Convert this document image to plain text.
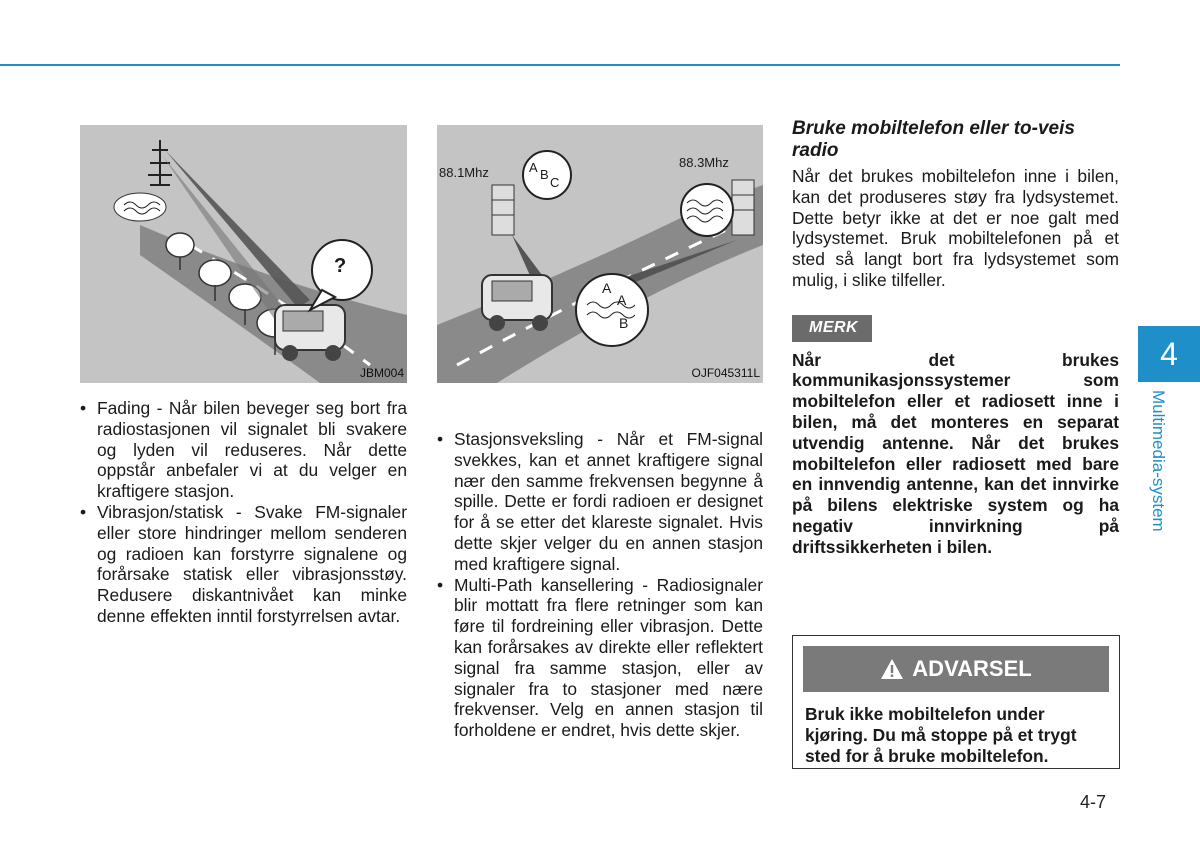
?
JBM004
88.1Mhz
88.3Mhz
A B
C
A
A
B
OJF045311L
• Fading - Når bilen beveger seg bort fra radiostasjonen vil signalet bli svakere og lyden vil reduseres. Når dette oppstår anbefaler vi at du velger en kraftigere stasjon.
• Vibrasjon/statisk - Svake FM-signaler eller store hindringer mellom senderen og radioen kan forstyrre signalene og forårsake statisk eller vibrasjonsstøy. Redusere diskantnivået kan minke denne effekten inntil forstyrrelsen avtar.
• Stasjonsveksling - Når et FM-signal svekkes, kan et annet kraftigere signal nær den samme frekvensen begynne å spille. Dette er fordi radioen er designet for å se etter det klareste signalet. Hvis dette skjer velger du en annen stasjon med kraftigere signal.
• Multi-Path kansellering - Radiosignaler blir mottatt fra flere retninger som kan føre til fordreining eller vibrasjon. Dette kan forårsakes av direkte eller reflektert signal fra samme stasjon, eller av signaler fra to stasjoner med nære frekvenser. Velg en annen stasjon til forholdene er endret, hvis dette skjer.
Bruke mobiltelefon eller to-veis radio

Når det brukes mobiltelefon inne i bilen, kan det produseres støy fra lydsystemet. Dette betyr ikke at det er noe galt med lydsystemet. Bruk mobiltelefonen på et sted så langt bort fra lydsystemet som mulig, i slike tilfeller.

MERK

Når det brukes kommunikasjonssystemer som mobiltelefon eller et radiosett inne i bilen, må det monteres en separat utvendig antenne. Når det brukes mobiltelefon eller radiosett med bare en innvendig antenne, kan det innvirke på bilens elektriske system og ha negativ innvirkning på driftssikkerheten i bilen.

ADVARSEL
Bruk ikke mobiltelefon under kjøring. Du må stoppe på et trygt sted for å bruke mobiltelefon.
4
Multimedia-system
4-7
